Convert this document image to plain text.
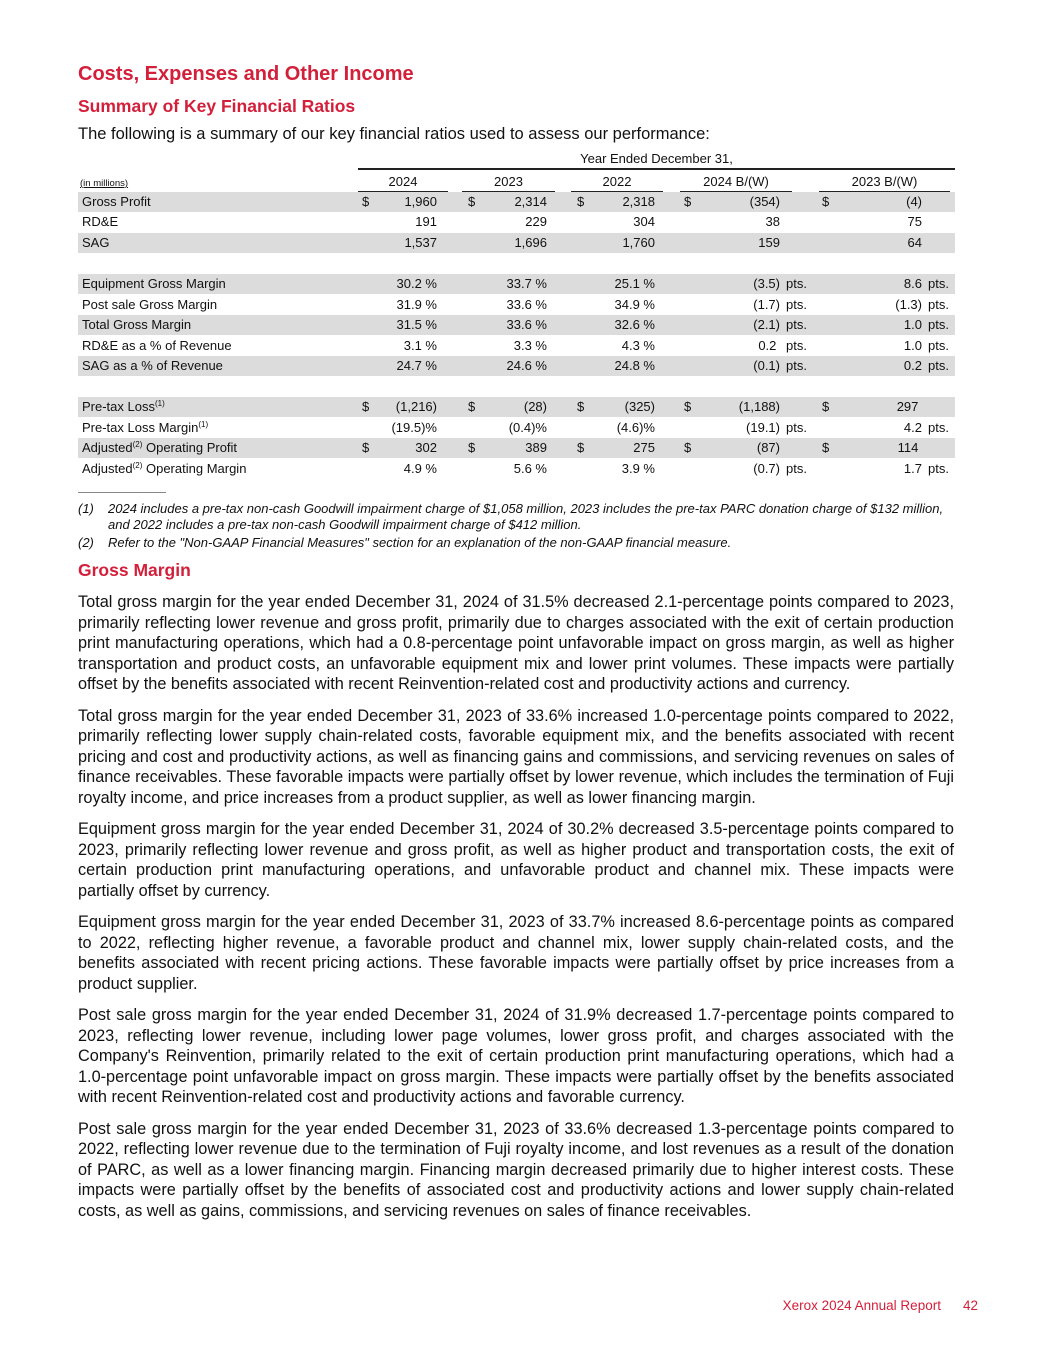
Costs, Expenses and Other Income
Summary of Key Financial Ratios
The following is a summary of our key financial ratios used to assess our performance:
Year Ended December 31,
(in millions)	2024	2023	2022	2024 B/(W)	2023 B/(W)
Gross Profit	$	1,960 $	2,314 $	2,318 $	(354)	$	(4)
RD&E	191	229	304	38	75
SAG	1,537	1,696	1,760	159	64
Equipment Gross Margin	30.2 %	33.7 %	25.1 %	(3.5) pts.	8.6 pts.
Post sale Gross Margin	31.9 %	33.6 %	34.9 %	(1.7) pts.	(1.3) pts.
Total Gross Margin	31.5 %	33.6 %	32.6 %	(2.1) pts.	1.0 pts.
RD&E as a % of Revenue	3.1 %	3.3 %	4.3 %	0.2 pts.	1.0 pts.
SAG as a % of Revenue	24.7 %	24.6 %	24.8 %	(0.1) pts.	0.2 pts.
Pre-tax Loss$^{(1)}$	$ (1,216) $	(28) $	(325) $	(1,188)	$	297
Pre-tax Loss Margin$^{(1)}$	(19.5)%	(0.4)%	(4.6)%	(19.1) pts.	4.2 pts.
Adjusted$^{(2)}$ Operating Profit	$	302 $	389 $	275 $	(87)	$	114
Adjusted$^{(2)}$ Operating Margin	4.9 %	5.6 %	3.9 %	(0.7) pts.	1.7 pts.
(1) 2024 includes a pre-tax non-cash Goodwill impairment charge of $1,058 million, 2023 includes the pre-tax PARC donation charge of $132 million, and 2022 includes a pre-tax non-cash Goodwill impairment charge of $412 million.
(2) Refer to the "Non-GAAP Financial Measures" section for an explanation of the non-GAAP financial measure.
Gross Margin

Total gross margin for the year ended December 31, 2024 of 31.5% decreased 2.1-percentage points compared to 2023, primarily reflecting lower revenue and gross profit, primarily due to charges associated with the exit of certain production print manufacturing operations, which had a 0.8-percentage point unfavorable impact on gross margin, as well as higher transportation and product costs, an unfavorable equipment mix and lower print volumes. These impacts were partially offset by the benefits associated with recent Reinvention-related cost and productivity actions and currency.

Total gross margin for the year ended December 31, 2023 of 33.6% increased 1.0-percentage points compared to 2022, primarily reflecting lower supply chain-related costs, favorable equipment mix, and the benefits associated with recent pricing and cost and productivity actions, as well as financing gains and commissions, and servicing revenues on sales of finance receivables. These favorable impacts were partially offset by lower revenue, which includes the termination of Fuji royalty income, and price increases from a product supplier, as well as lower financing margin.

Equipment gross margin for the year ended December 31, 2024 of 30.2% decreased 3.5-percentage points compared to 2023, primarily reflecting lower revenue and gross profit, as well as higher product and transportation costs, the exit of certain production print manufacturing operations, and unfavorable product and channel mix. These impacts were partially offset by currency.

Equipment gross margin for the year ended December 31, 2023 of 33.7% increased 8.6-percentage points as compared to 2022, reflecting higher revenue, a favorable product and channel mix, lower supply chain-related costs, and the benefits associated with recent pricing actions. These favorable impacts were partially offset by price increases from a product supplier.

Post sale gross margin for the year ended December 31, 2024 of 31.9% decreased 1.7-percentage points compared to 2023, reflecting lower revenue, including lower page volumes, lower gross profit, and charges associated with the Company's Reinvention, primarily related to the exit of certain production print manufacturing operations, which had a 1.0-percentage point unfavorable impact on gross margin. These impacts were partially offset by the benefits associated with recent Reinvention-related cost and productivity actions and favorable currency.

Post sale gross margin for the year ended December 31, 2023 of 33.6% decreased 1.3-percentage points compared to 2022, reflecting lower revenue due to the termination of Fuji royalty income, and lost revenues as a result of the donation of PARC, as well as a lower financing margin. Financing margin decreased primarily due to higher interest costs. These impacts were partially offset by the benefits of associated cost and productivity actions and lower supply chain-related costs, as well as gains, commissions, and servicing revenues on sales of finance receivables.

Xerox 2024 Annual Report 42
